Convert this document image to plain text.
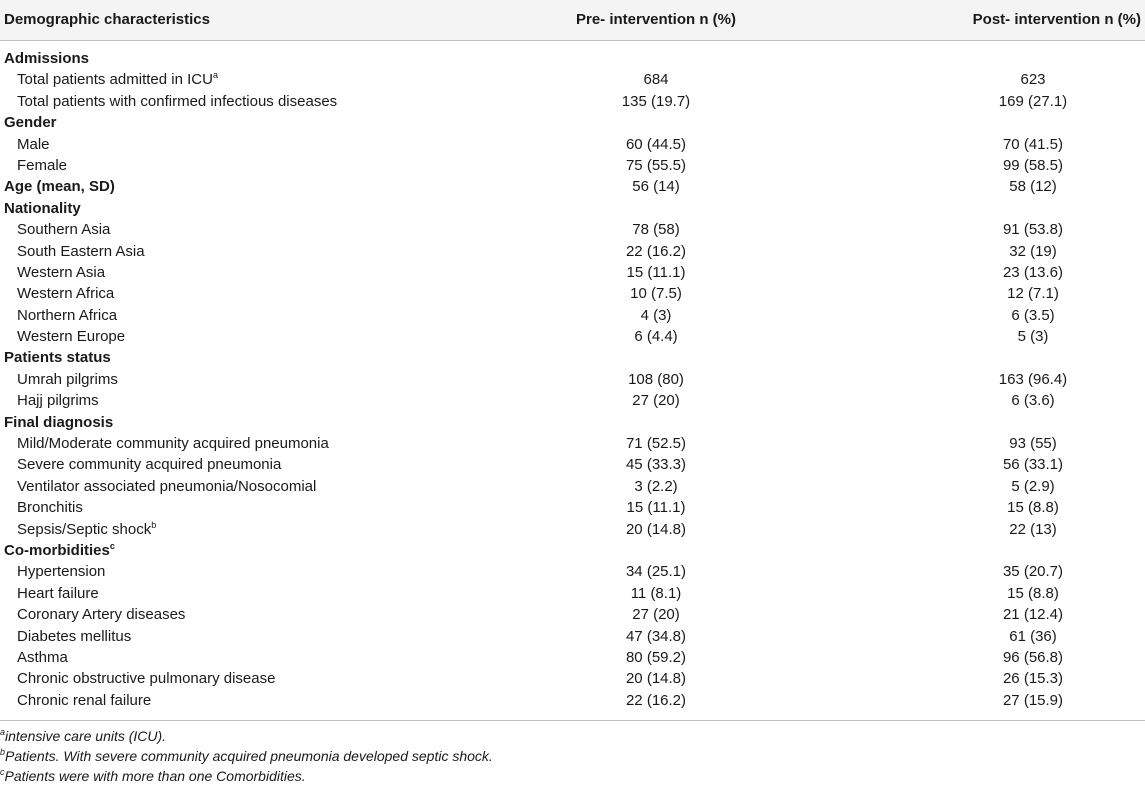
Demographic characteristics	Pre- intervention n (%)	Post- intervention n (%)
Admissions
Total patients admitted in ICU$^a$	684	623
Total patients with confirmed infectious diseases	135 (19.7)	169 (27.1)
Gender
Male	60 (44.5)	70 (41.5)
Female	75 (55.5)	99 (58.5)
Age (mean, SD)	56 (14)	58 (12)
Nationality
Southern Asia	78 (58)	91 (53.8)
South Eastern Asia	22 (16.2)	32 (19)
Western Asia	15 (11.1)	23 (13.6)
Western Africa	10 (7.5)	12 (7.1)
Northern Africa	4 (3)	6 (3.5)
Western Europe	6 (4.4)	5 (3)
Patients status
Umrah pilgrims	108 (80)	163 (96.4)
Hajj pilgrims	27 (20)	6 (3.6)
Final diagnosis
Mild/Moderate community acquired pneumonia	71 (52.5)	93 (55)
Severe community acquired pneumonia	45 (33.3)	56 (33.1)
Ventilator associated pneumonia/Nosocomial	3 (2.2)	5 (2.9)
Bronchitis	15 (11.1)	15 (8.8)
Sepsis/Septic shock$^b$	20 (14.8)	22 (13)
Co-morbidities$^c$
Hypertension	34 (25.1)	35 (20.7)
Heart failure	11 (8.1)	15 (8.8)
Coronary Artery diseases	27 (20)	21 (12.4)
Diabetes mellitus	47 (34.8)	61 (36)
Asthma	80 (59.2)	96 (56.8)
Chronic obstructive pulmonary disease	20 (14.8)	26 (15.3)
Chronic renal failure	22 (16.2)	27 (15.9)
$^a$intensive care units (ICU).
$^b$Patients. With severe community acquired pneumonia developed septic shock.
$^c$Patients were with more than one Comorbidities.
